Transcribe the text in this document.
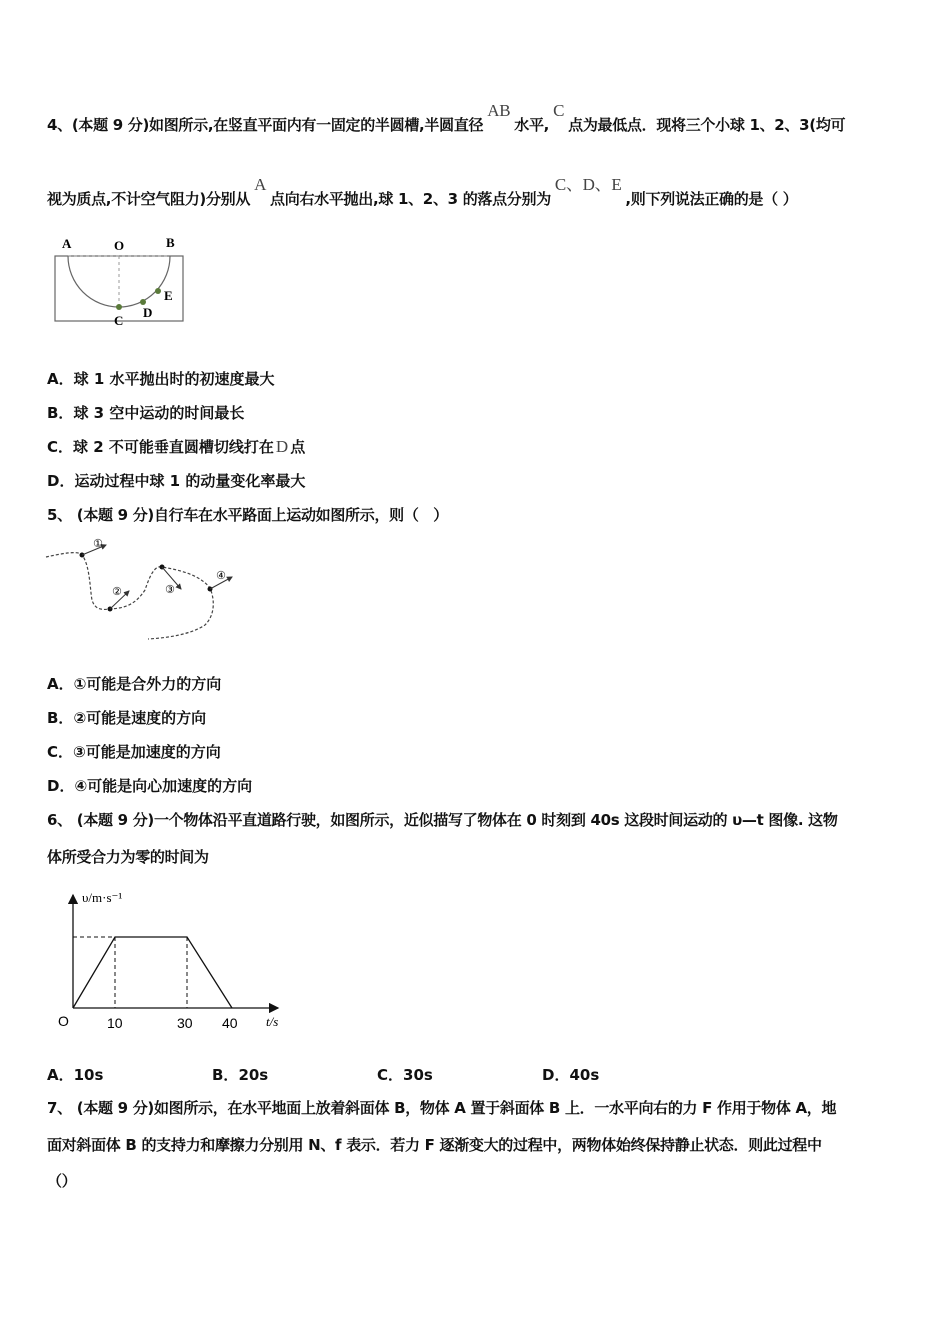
4、(本题 9 分)如图所示,在竖直平面内有一固定的半圆槽,半圆直径AB水平,C点为最低点．现将三个小球 1、2、3(均可
视为质点,不计空气阻力)分别从A点向右水平抛出,球 1、2、3 的落点分别为C、D、E,则下列说法正确的是（ ）
A	O	B
C
D
E
A．球 1 水平抛出时的初速度最大
B．球 3 空中运动的时间最长
C．球 2 不可能垂直圆槽切线打在 D 点
D．运动过程中球 1 的动量变化率最大
5、 (本题 9 分)自行车在水平路面上运动如图所示，则（　）
①
②	③
④
A．①可能是合外力的方向
B．②可能是速度的方向
C．③可能是加速度的方向
D．④可能是向心加速度的方向
6、 (本题 9 分)一个物体沿平直道路行驶，如图所示，近似描写了物体在 0 时刻到 40s 这段时间运动的 υ—t 图像. 这物
体所受合力为零的时间为
υ/m·s⁻¹
t/s
O	10	30 40
A．10s	B．20s	C．30s	D．40s
7、 (本题 9 分)如图所示，在水平地面上放着斜面体 B，物体 A 置于斜面体 B 上．一水平向右的力 F 作用于物体 A，地
面对斜面体 B 的支持力和摩擦力分别用 N、f 表示．若力 F 逐渐变大的过程中，两物体始终保持静止状态．则此过程中
（）
